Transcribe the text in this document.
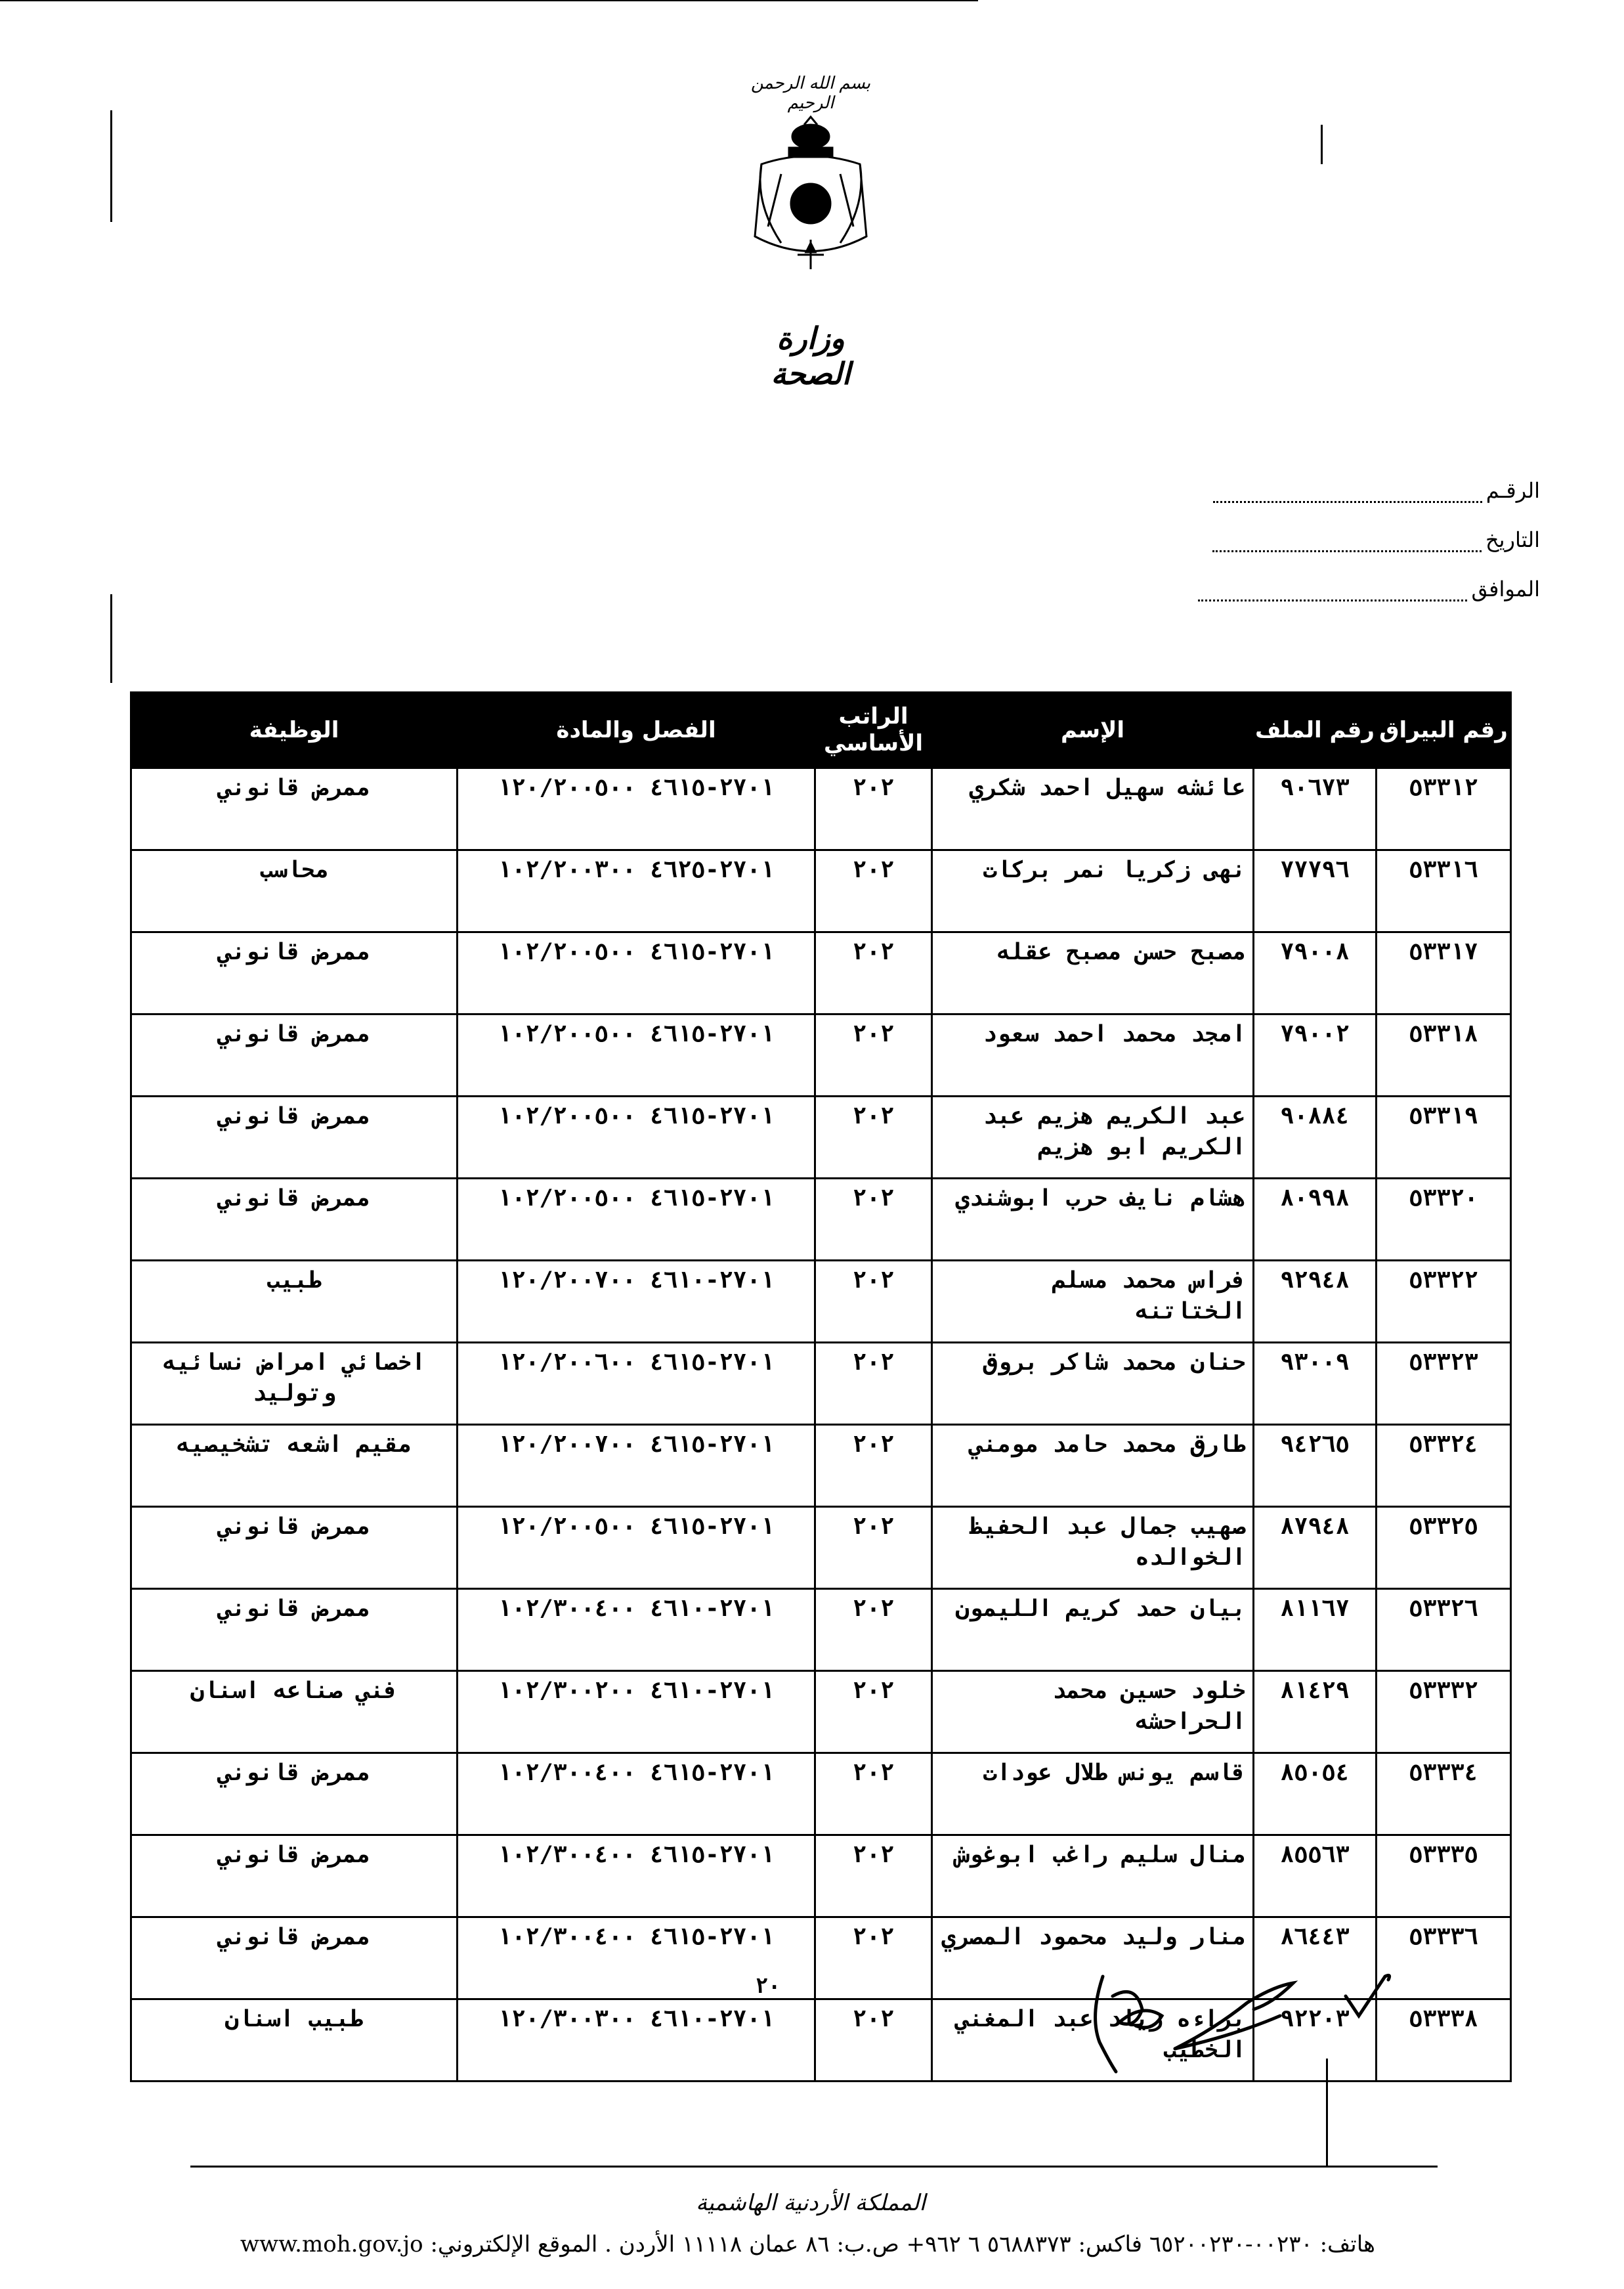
بسم الله الرحمن الرحيم
وزارة الصحة
الرقـم
التاريخ
الموافق
رقم البيراق	رقم الملف	الإسم	الراتب الأساسي	الفصل والمادة	الوظيفة
٥٣٣١٢	٩٠٦٧٣	عائشه سهيل احمد شكري	٢٠٢	٢٧٠١-٤٦١٥ ١٢٠/٢٠٠٥٠٠	ممرض قانوني
٥٣٣١٦	٧٧٧٩٦	نهى زكريا نمر بركات	٢٠٢	٢٧٠١-٤٦٢٥ ١٠٢/٢٠٠٣٠٠	محاسب
٥٣٣١٧	٧٩٠٠٨	مصبح حسن مصبح عقله	٢٠٢	٢٧٠١-٤٦١٥ ١٠٢/٢٠٠٥٠٠	ممرض قانوني
٥٣٣١٨	٧٩٠٠٢	امجد محمد احمد سعود	٢٠٢	٢٧٠١-٤٦١٥ ١٠٢/٢٠٠٥٠٠	ممرض قانوني
٥٣٣١٩	٩٠٨٨٤	عبد الكريم هزيم عبد الكريم ابو هزيم	٢٠٢	٢٧٠١-٤٦١٥ ١٠٢/٢٠٠٥٠٠	ممرض قانوني
٥٣٣٢٠	٨٠٩٩٨	هشام نايف حرب ابوشندي	٢٠٢	٢٧٠١-٤٦١٥ ١٠٢/٢٠٠٥٠٠	ممرض قانوني
٥٣٣٢٢	٩٢٩٤٨	فراس محمد مسلم الختاتنه	٢٠٢	٢٧٠١-٤٦١٠ ١٢٠/٢٠٠٧٠٠	طبيب
٥٣٣٢٣	٩٣٠٠٩	حنان محمد شاكر بروق	٢٠٢	٢٧٠١-٤٦١٥ ١٢٠/٢٠٠٦٠٠	اخصائي امراض نسائيه وتوليد
٥٣٣٢٤	٩٤٢٦٥	طارق محمد حامد مومني	٢٠٢	٢٧٠١-٤٦١٥ ١٢٠/٢٠٠٧٠٠	مقيم اشعه تشخيصيه
٥٣٣٢٥	٨٧٩٤٨	صهيب جمال عبد الحفيظ الخوالده	٢٠٢	٢٧٠١-٤٦١٥ ١٢٠/٢٠٠٥٠٠	ممرض قانوني
٥٣٣٢٦	٨١١٦٧	بيان حمد كريم الليمون	٢٠٢	٢٧٠١-٤٦١٠ ١٠٢/٣٠٠٤٠٠	ممرض قانوني
٥٣٣٣٢	٨١٤٢٩	خلود حسين محمد الحراحشه	٢٠٢	٢٧٠١-٤٦١٠ ١٠٢/٣٠٠٢٠٠	فني صناعه اسنان
٥٣٣٣٤	٨٥٠٥٤	قاسم يونس طلال عودات	٢٠٢	٢٧٠١-٤٦١٥ ١٠٢/٣٠٠٤٠٠	ممرض قانوني
٥٣٣٣٥	٨٥٥٦٣	منال سليم راغب ابوغوش	٢٠٢	٢٧٠١-٤٦١٥ ١٠٢/٣٠٠٤٠٠	ممرض قانوني
٥٣٣٣٦	٨٦٤٤٣	منار وليد محمود المصري	٢٠٢	٢٧٠١-٤٦١٥ ١٠٢/٣٠٠٤٠٠	ممرض قانوني
٥٣٣٣٨	٩٢٢٠٣	براءه زياد عبد المغني الخطيب	٢٠٢	٢٧٠١-٤٦١٠ ١٢٠/٣٠٠٣٠٠	طبيب اسنان
٢٠
المملكة الأردنية الهاشمية
هاتف: ٠٠٢٣٠-٦٥٢٠٠٢٣٠ فاكس: ٥٦٨٨٣٧٣ ٦ ٩٦٢+ ص.ب: ٨٦ عمان ١١١١٨ الأردن . الموقع الإلكتروني: www.moh.gov.jo
